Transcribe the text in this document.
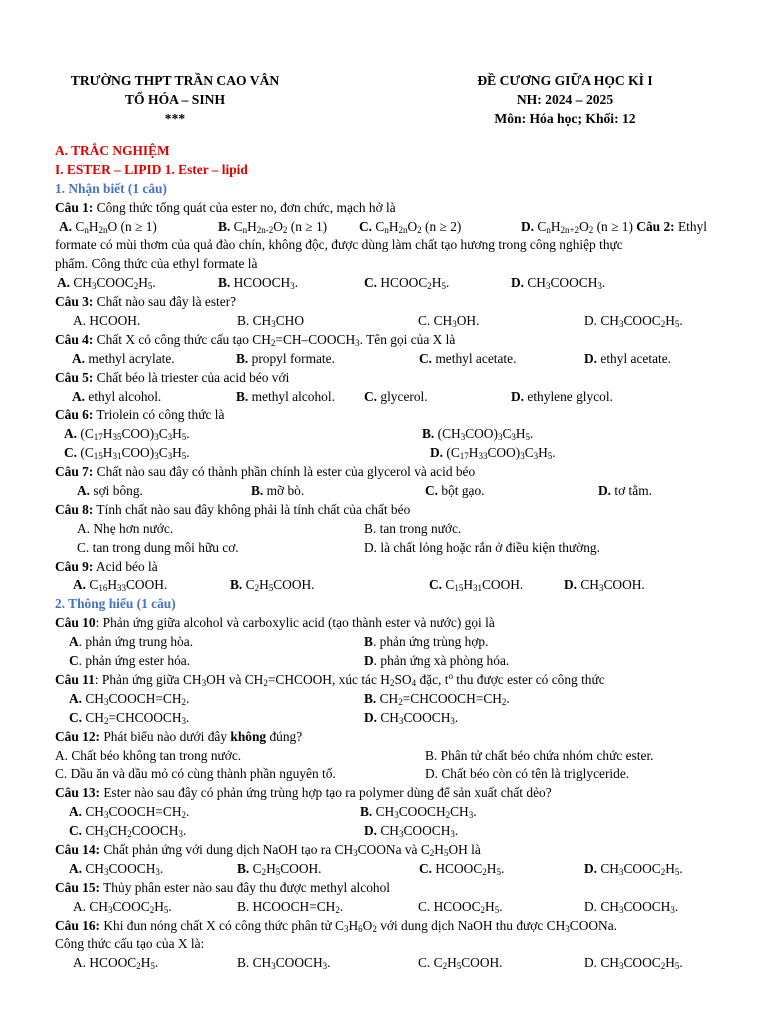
TRƯỜNG THPT TRẦN CAO VÂN
TỔ HÓA – SINH
***
ĐỀ CƯƠNG GIỮA HỌC KÌ I
NH: 2024 – 2025
Môn: Hóa học; Khối: 12
A. TRẮC NGHIỆM
I. ESTER – LIPID 1. Ester – lipid
1. Nhận biết (1 câu)
Câu 1: Công thức tổng quát của ester no, đơn chức, mạch hở là
A. $C_nH_{2n}O$ (n ≥ 1)	B. $C_nH_{2n-2}O_2$ (n ≥ 1) C. $C_nH_{2n}O_2$ (n ≥ 2)	D. $C_nH_{2n+2}O_2$ (n ≥ 1) Câu 2: Ethyl
formate có mùi thơm của quả đào chín, không độc, được dùng làm chất tạo hương trong công nghiệp thực
phẩm. Công thức của ethyl formate là
A. $CH_3COOC_2H_5$.	B. $HCOOCH_3$.	C. $HCOOC_2H_5$.	D. $CH_3COOCH_3$.
Câu 3: Chất nào sau đây là ester?
A. HCOOH.	B. $CH_3CHO$	C. $CH_3OH$.	D. $CH_3COOC_2H_5$.
Câu 4: Chất X có công thức cấu tạo $CH_2=CH-COOCH_3$. Tên gọi của X là
A. methyl acrylate.	B. propyl formate.	C. methyl acetate.	D. ethyl acetate.
Câu 5: Chất béo là triester của acid béo với
A. ethyl alcohol.	B. methyl alcohol. C. glycerol.	D. ethylene glycol.
Câu 6: Triolein có công thức là
A. $(C_{17}H_{35}COO)_3C_3H_5$.	B. $(CH_3COO)_3C_3H_5$.
C. $(C_{15}H_{31}COO)_3C_3H_5$.	D. $(C_{17}H_{33}COO)_3C_3H_5$.
Câu 7: Chất nào sau đây có thành phần chính là ester của glycerol và acid béo
A. sợi bông.	B. mỡ bò.	C. bột gạo.	D. tơ tằm.
Câu 8: Tính chất nào sau đây không phải là tính chất của chất béo
A. Nhẹ hơn nước.	B. tan trong nước.
C. tan trong dung môi hữu cơ.	D. là chất lỏng hoặc rắn ở điều kiện thường.
Câu 9: Acid béo là
A. $C_{16}H_{33}COOH$.	B. $C_2H_5COOH$.	C. $C_{15}H_{31}COOH$.	D. $CH_3COOH$.
2. Thông hiểu (1 câu)
Câu 10: Phản ứng giữa alcohol và carboxylic acid (tạo thành ester và nước) gọi là
A. phản ứng trung hòa.	B. phản ứng trùng hợp.
C. phản ứng ester hóa.	D. phản ứng xà phòng hóa.
Câu 11: Phản ứng giữa $CH_3OH$ và $CH_2=CHCOOH$, xúc tác $H_2SO_4$ đặc, $t^o$ thu được ester có công thức
A. $CH_3COOCH=CH_2$.	B. $CH_2=CHCOOCH=CH_2$.
C. $CH_2=CHCOOCH_3$.	D. $CH_3COOCH_3$.
Câu 12: Phát biểu nào dưới đây không đúng?
A. Chất béo không tan trong nước.	B. Phân tử chất béo chứa nhóm chức ester.
C. Dầu ăn và dầu mỏ có cùng thành phần nguyên tố.	D. Chất béo còn có tên là triglyceride.
Câu 13: Ester nào sau đây có phản ứng trùng hợp tạo ra polymer dùng để sản xuất chất dẻo?
A. $CH_3COOCH=CH_2$.	B. $CH_3COOCH_2CH_3$.
C. $CH_3CH_2COOCH_3$.	D. $CH_3COOCH_3$.
Câu 14: Chất phản ứng với dung dịch NaOH tạo ra $CH_3COONa$ và $C_2H_5OH$ là
A. $CH_3COOCH_3$.	B. $C_2H_5COOH$.	C. $HCOOC_2H_5$.	D. $CH_3COOC_2H_5$.
Câu 15: Thủy phân ester nào sau đây thu được methyl alcohol
A. $CH_3COOC_2H_5$.	B. $HCOOCH=CH_2$.	C. $HCOOC_2H_5$.	D. $CH_3COOCH_3$.
Câu 16: Khi đun nóng chất X có công thức phân tử $C_3H_6O_2$ với dung dịch NaOH thu được $CH_3COONa$.
Công thức cấu tạo của X là:
A. $HCOOC_2H_5$.	B. $CH_3COOCH_3$.	C. $C_2H_5COOH$.	D. $CH_3COOC_2H_5$.
